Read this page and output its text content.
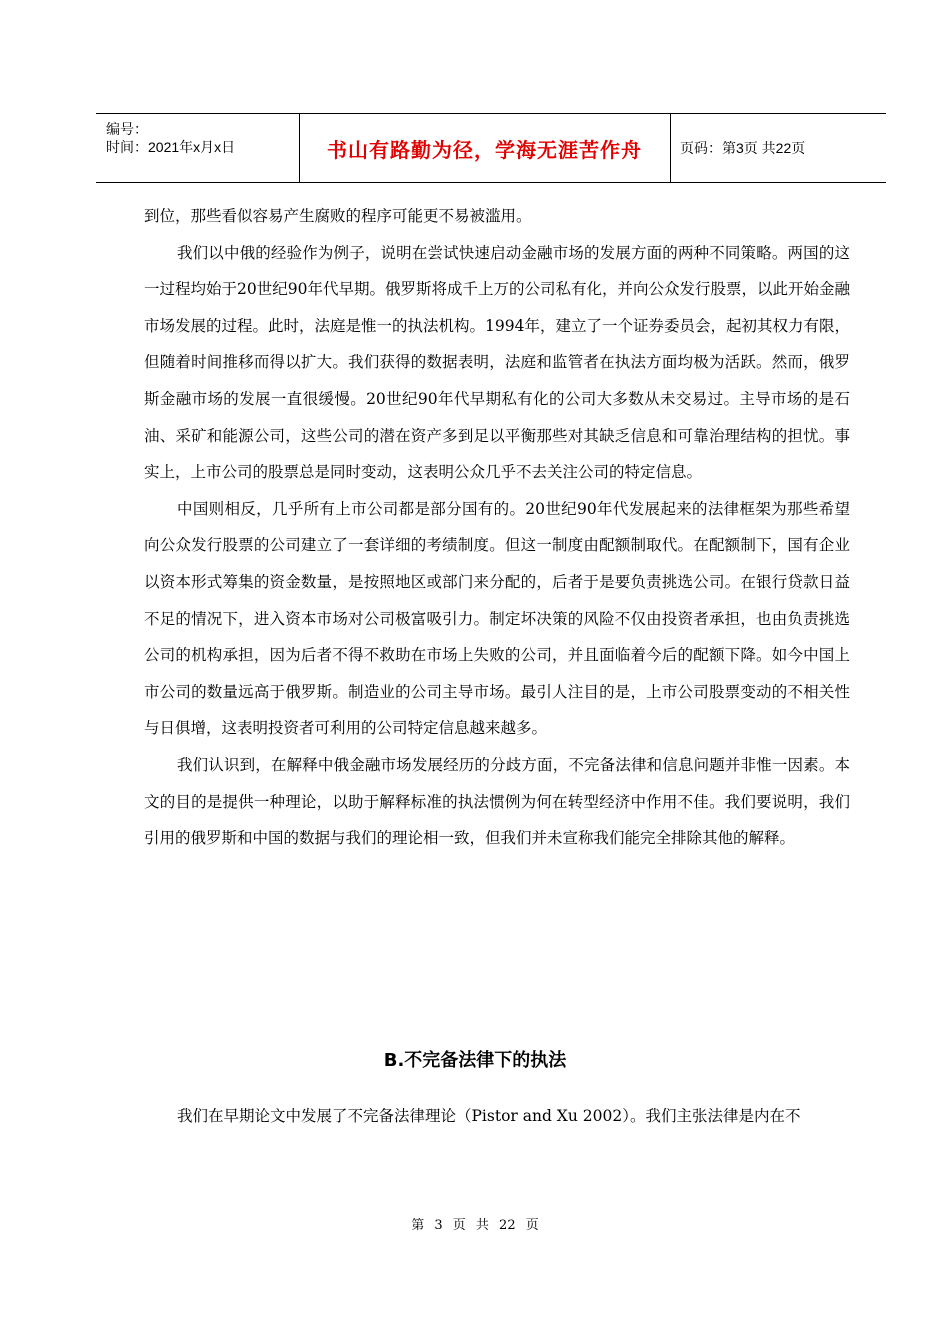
编号：
时间：2021年x月x日	书山有路勤为径，学海无涯苦作舟	页码：第3页 共22页

到位，那些看似容易产生腐败的程序可能更不易被滥用。

我们以中俄的经验作为例子，说明在尝试快速启动金融市场的发展方面的两种不同策略。两国的这一过程均始于20世纪90年代早期。俄罗斯将成千上万的公司私有化，并向公众发行股票，以此开始金融市场发展的过程。此时，法庭是惟一的执法机构。1994年，建立了一个证券委员会，起初其权力有限，但随着时间推移而得以扩大。我们获得的数据表明，法庭和监管者在执法方面均极为活跃。然而，俄罗斯金融市场的发展一直很缓慢。20世纪90年代早期私有化的公司大多数从未交易过。主导市场的是石油、采矿和能源公司，这些公司的潜在资产多到足以平衡那些对其缺乏信息和可靠治理结构的担忧。事实上，上市公司的股票总是同时变动，这表明公众几乎不去关注公司的特定信息。

中国则相反，几乎所有上市公司都是部分国有的。20世纪90年代发展起来的法律框架为那些希望向公众发行股票的公司建立了一套详细的考绩制度。但这一制度由配额制取代。在配额制下，国有企业以资本形式筹集的资金数量，是按照地区或部门来分配的，后者于是要负责挑选公司。在银行贷款日益不足的情况下，进入资本市场对公司极富吸引力。制定坏决策的风险不仅由投资者承担，也由负责挑选公司的机构承担，因为后者不得不救助在市场上失败的公司，并且面临着今后的配额下降。如今中国上市公司的数量远高于俄罗斯。制造业的公司主导市场。最引人注目的是，上市公司股票变动的不相关性与日俱增，这表明投资者可利用的公司特定信息越来越多。

我们认识到，在解释中俄金融市场发展经历的分歧方面，不完备法律和信息问题并非惟一因素。本文的目的是提供一种理论，以助于解释标准的执法惯例为何在转型经济中作用不佳。我们要说明，我们引用的俄罗斯和中国的数据与我们的理论相一致，但我们并未宣称我们能完全排除其他的解释。

B.不完备法律下的执法

我们在早期论文中发展了不完备法律理论（Pistor and Xu 2002）。我们主张法律是内在不

第 3 页 共 22 页
